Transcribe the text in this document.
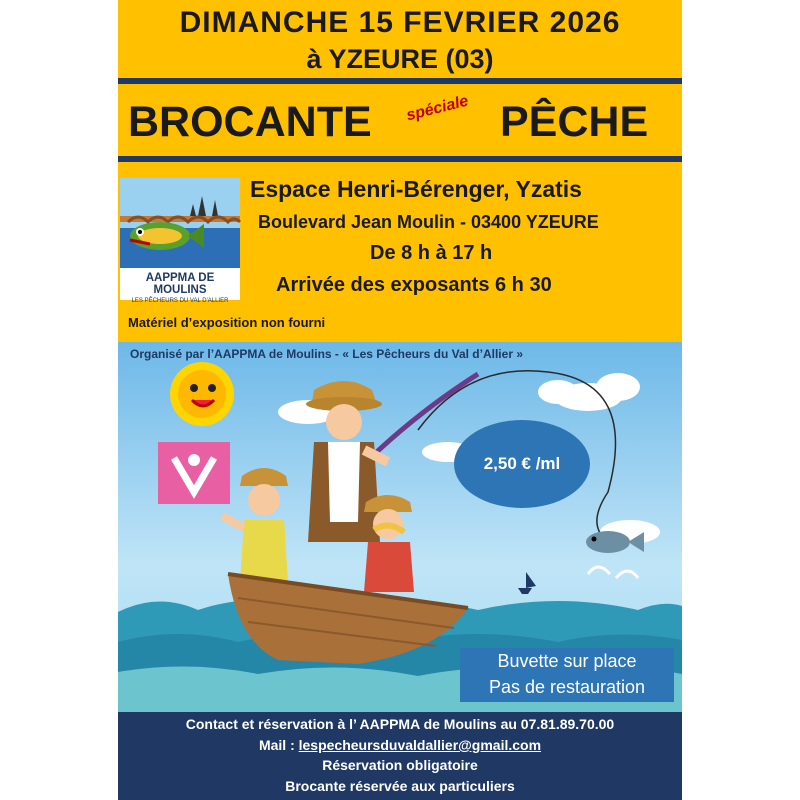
DIMANCHE 15 FEVRIER 2026
à YZEURE (03)
BROCANTE spéciale PÊCHE
AAPPMA DE MOULINS
LES PÊCHEURS DU VAL D'ALLIER
Espace Henri-Bérenger, Yzatis
Boulevard Jean Moulin - 03400 YZEURE
De 8 h à 17 h
Arrivée des exposants 6 h 30
Matériel d’exposition non fourni
Organisé par l’AAPPMA de Moulins - « Les Pêcheurs du Val d’Allier »
2,50 € /ml
Buvette sur place
Pas de restauration
Contact et réservation à l’ AAPPMA de Moulins au 07.81.89.70.00
Mail : lespecheursduvaldallier@gmail.com
Réservation obligatoire
Brocante réservée aux particuliers
